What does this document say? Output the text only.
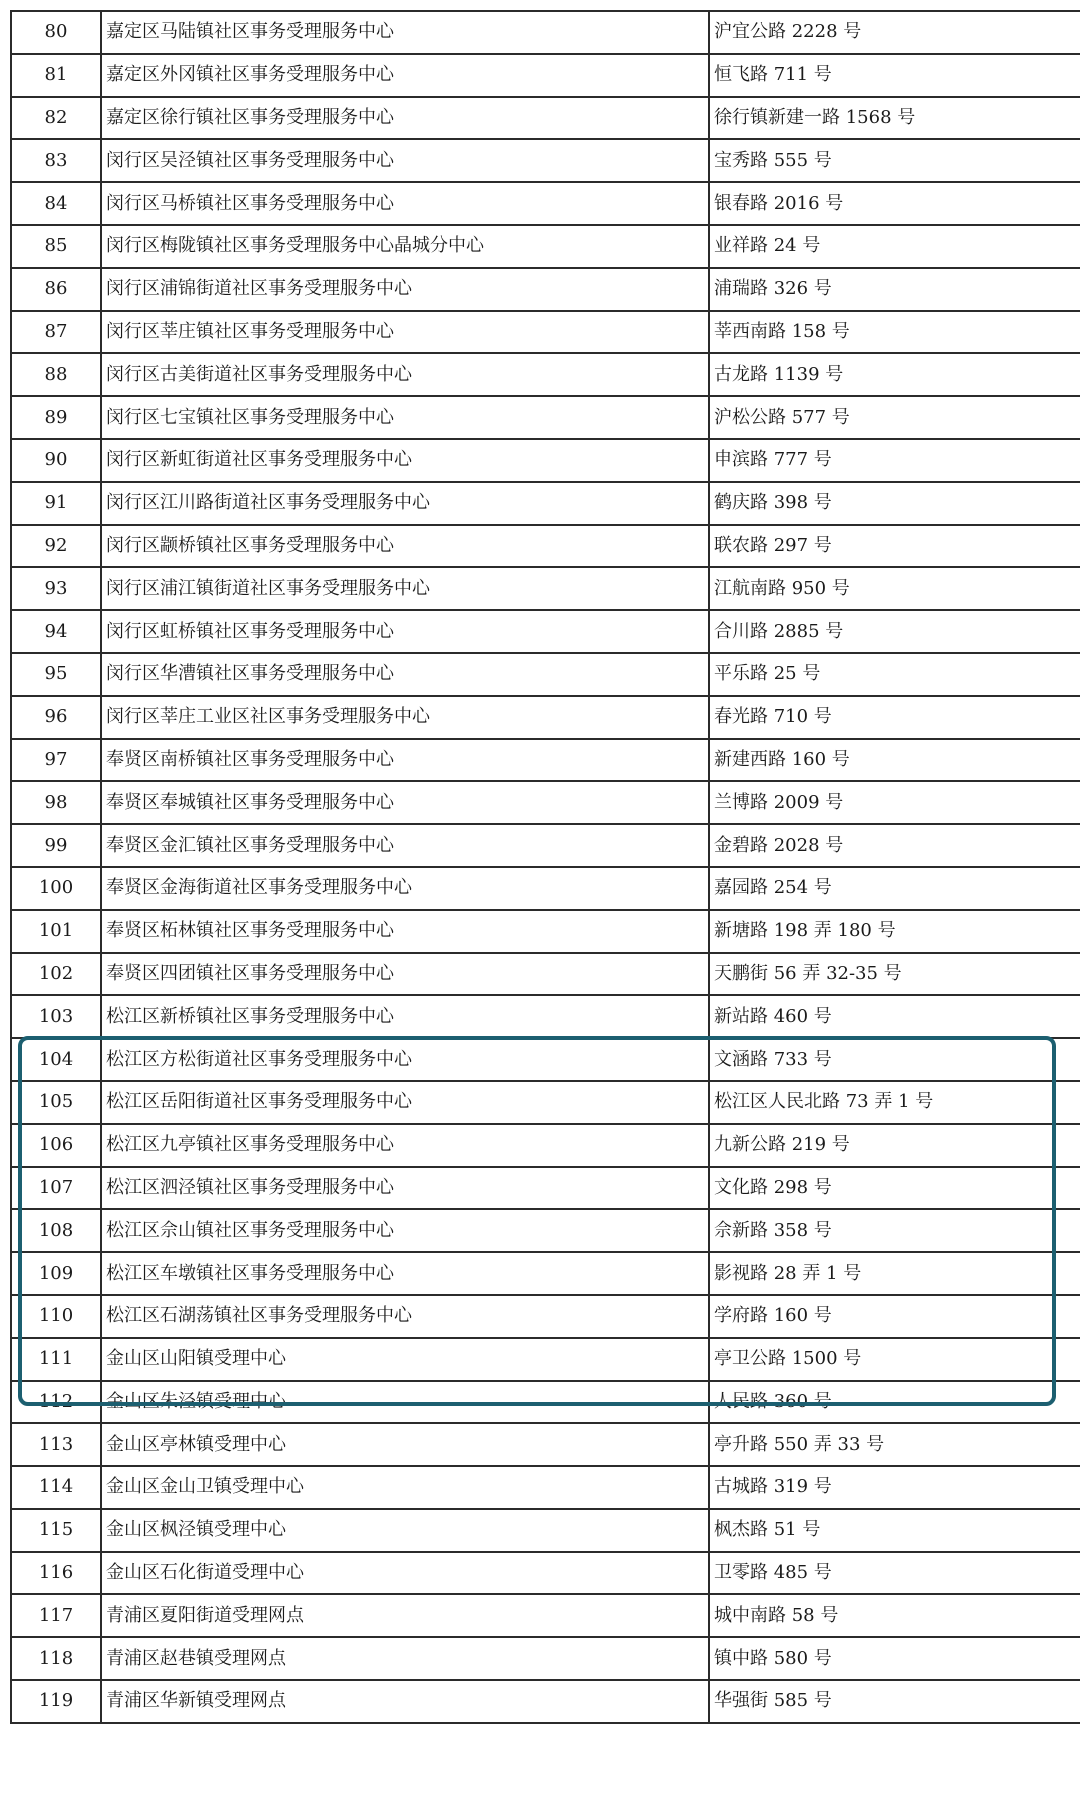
80	嘉定区马陆镇社区事务受理服务中心	沪宜公路 2228 号
81	嘉定区外冈镇社区事务受理服务中心	恒飞路 711 号
82	嘉定区徐行镇社区事务受理服务中心	徐行镇新建一路 1568 号
83	闵行区吴泾镇社区事务受理服务中心	宝秀路 555 号
84	闵行区马桥镇社区事务受理服务中心	银春路 2016 号
85	闵行区梅陇镇社区事务受理服务中心晶城分中心	业祥路 24 号
86	闵行区浦锦街道社区事务受理服务中心	浦瑞路 326 号
87	闵行区莘庄镇社区事务受理服务中心	莘西南路 158 号
88	闵行区古美街道社区事务受理服务中心	古龙路 1139 号
89	闵行区七宝镇社区事务受理服务中心	沪松公路 577 号
90	闵行区新虹街道社区事务受理服务中心	申滨路 777 号
91	闵行区江川路街道社区事务受理服务中心	鹤庆路 398 号
92	闵行区颛桥镇社区事务受理服务中心	联农路 297 号
93	闵行区浦江镇街道社区事务受理服务中心	江航南路 950 号
94	闵行区虹桥镇社区事务受理服务中心	合川路 2885 号
95	闵行区华漕镇社区事务受理服务中心	平乐路 25 号
96	闵行区莘庄工业区社区事务受理服务中心	春光路 710 号
97	奉贤区南桥镇社区事务受理服务中心	新建西路 160 号
98	奉贤区奉城镇社区事务受理服务中心	兰博路 2009 号
99	奉贤区金汇镇社区事务受理服务中心	金碧路 2028 号
100	奉贤区金海街道社区事务受理服务中心	嘉园路 254 号
101	奉贤区柘林镇社区事务受理服务中心	新塘路 198 弄 180 号
102	奉贤区四团镇社区事务受理服务中心	天鹏街 56 弄 32-35 号
103	松江区新桥镇社区事务受理服务中心	新站路 460 号
104	松江区方松街道社区事务受理服务中心	文涵路 733 号
105	松江区岳阳街道社区事务受理服务中心	松江区人民北路 73 弄 1 号
106	松江区九亭镇社区事务受理服务中心	九新公路 219 号
107	松江区泗泾镇社区事务受理服务中心	文化路 298 号
108	松江区佘山镇社区事务受理服务中心	佘新路 358 号
109	松江区车墩镇社区事务受理服务中心	影视路 28 弄 1 号
110	松江区石湖荡镇社区事务受理服务中心	学府路 160 号
111	金山区山阳镇受理中心	亭卫公路 1500 号
112	金山区朱泾镇受理中心	人民路 360 号
113	金山区亭林镇受理中心	亭升路 550 弄 33 号
114	金山区金山卫镇受理中心	古城路 319 号
115	金山区枫泾镇受理中心	枫杰路 51 号
116	金山区石化街道受理中心	卫零路 485 号
117	青浦区夏阳街道受理网点	城中南路 58 号
118	青浦区赵巷镇受理网点	镇中路 580 号
119	青浦区华新镇受理网点	华强街 585 号
